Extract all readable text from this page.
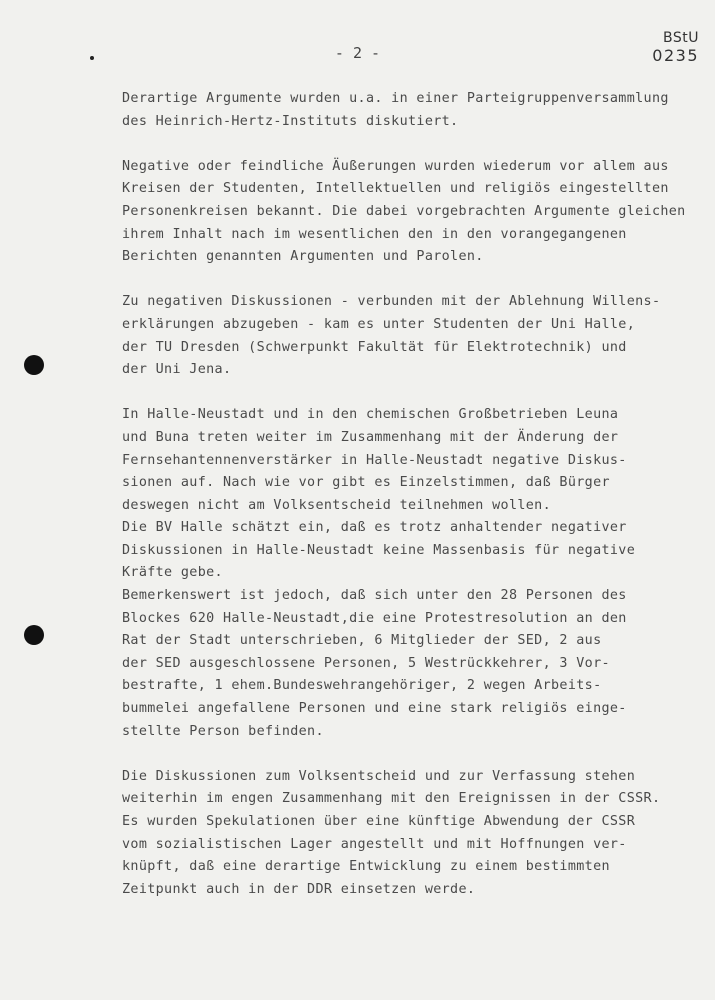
BStU
0235
- 2 -
Derartige Argumente wurden u.a. in einer Parteigruppenversammlung
des Heinrich-Hertz-Instituts diskutiert.
Negative oder feindliche Äußerungen wurden wiederum vor allem aus
Kreisen der Studenten, Intellektuellen und religiös eingestellten
Personenkreisen bekannt. Die dabei vorgebrachten Argumente gleichen
ihrem Inhalt nach im wesentlichen den in den vorangegangenen
Berichten genannten Argumenten und Parolen.
Zu negativen Diskussionen - verbunden mit der Ablehnung Willens-
erklärungen abzugeben - kam es unter Studenten der Uni Halle,
der TU Dresden (Schwerpunkt Fakultät für Elektrotechnik) und
der Uni Jena.
In Halle-Neustadt und in den chemischen Großbetrieben Leuna
und Buna treten weiter im Zusammenhang mit der Änderung der
Fernsehantennenverstärker in Halle-Neustadt negative Diskus-
sionen auf. Nach wie vor gibt es Einzelstimmen, daß Bürger
deswegen nicht am Volksentscheid teilnehmen wollen.
Die BV Halle schätzt ein, daß es trotz anhaltender negativer
Diskussionen in Halle-Neustadt keine Massenbasis für negative
Kräfte gebe.
Bemerkenswert ist jedoch, daß sich unter den 28 Personen des
Blockes 620 Halle-Neustadt,die eine Protestresolution an den
Rat der Stadt unterschrieben, 6 Mitglieder der SED, 2 aus
der SED ausgeschlossene Personen, 5 Westrückkehrer, 3 Vor-
bestrafte, 1 ehem.Bundeswehrangehöriger, 2 wegen Arbeits-
bummelei angefallene Personen und eine stark religiös einge-
stellte Person befinden.
Die Diskussionen zum Volksentscheid und zur Verfassung stehen
weiterhin im engen Zusammenhang mit den Ereignissen in der CSSR.
Es wurden Spekulationen über eine künftige Abwendung der CSSR
vom sozialistischen Lager angestellt und mit Hoffnungen ver-
knüpft, daß eine derartige Entwicklung zu einem bestimmten
Zeitpunkt auch in der DDR einsetzen werde.
